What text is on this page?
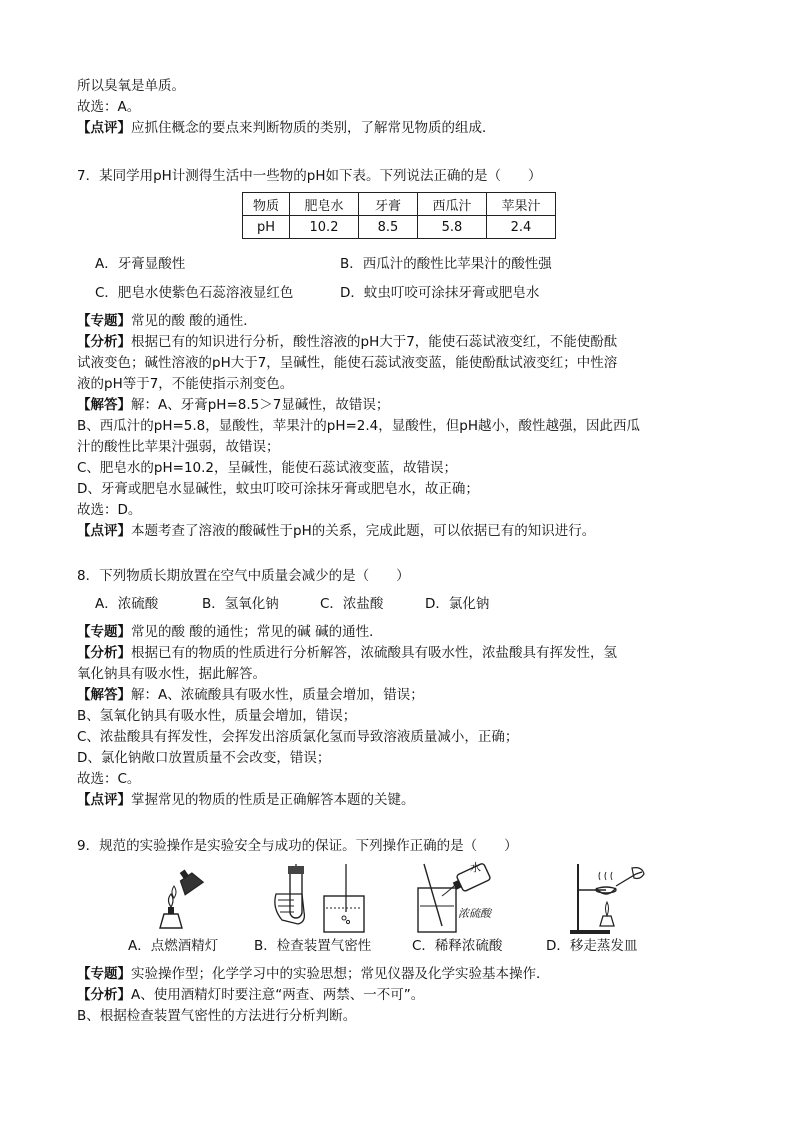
所以臭氧是单质。
故选：A。
【点评】应抓住概念的要点来判断物质的类别，了解常见物质的组成．
7．某同学用pH计测得生活中一些物的pH如下表。下列说法正确的是（　　）
物质	肥皂水	牙膏	西瓜汁	苹果汁
pH	10.2	8.5	5.8	2.4
A．牙膏显酸性	B．西瓜汁的酸性比苹果汁的酸性强
C．肥皂水使紫色石蕊溶液显红色	D．蚊虫叮咬可涂抹牙膏或肥皂水
【专题】常见的酸 酸的通性．
【分析】根据已有的知识进行分析，酸性溶液的pH大于7，能使石蕊试液变红，不能使酚酞
试液变色；碱性溶液的pH大于7，呈碱性，能使石蕊试液变蓝，能使酚酞试液变红；中性溶
液的pH等于7，不能使指示剂变色。
【解答】解：A、牙膏pH=8.5＞7显碱性，故错误；
B、西瓜汁的pH=5.8，显酸性，苹果汁的pH=2.4，显酸性，但pH越小，酸性越强，因此西瓜
汁的酸性比苹果汁强弱，故错误；
C、肥皂水的pH=10.2，呈碱性，能使石蕊试液变蓝，故错误；
D、牙膏或肥皂水显碱性，蚊虫叮咬可涂抹牙膏或肥皂水，故正确；
故选：D。
【点评】本题考查了溶液的酸碱性于pH的关系，完成此题，可以依据已有的知识进行。
8．下列物质长期放置在空气中质量会减少的是（　　）
A．浓硫酸	B．氢氧化钠	C．浓盐酸	D．氯化钠
【专题】常见的酸 酸的通性；常见的碱 碱的通性．
【分析】根据已有的物质的性质进行分析解答，浓硫酸具有吸水性，浓盐酸具有挥发性，氢
氧化钠具有吸水性，据此解答。
【解答】解：A、浓硫酸具有吸水性，质量会增加，错误；
B、氢氧化钠具有吸水性，质量会增加，错误；
C、浓盐酸具有挥发性，会挥发出溶质氯化氢而导致溶液质量减小，正确；
D、氯化钠敞口放置质量不会改变，错误；
故选：C。
【点评】掌握常见的物质的性质是正确解答本题的关键。
9．规范的实验操作是实验安全与成功的保证。下列操作正确的是（　　）
水
浓硫酸
A．点燃酒精灯	B．检查装置气密性	C．稀释浓硫酸	D．移走蒸发皿
【专题】实验操作型；化学学习中的实验思想；常见仪器及化学实验基本操作．
【分析】A、使用酒精灯时要注意“两查、两禁、一不可”。
B、根据检查装置气密性的方法进行分析判断。
